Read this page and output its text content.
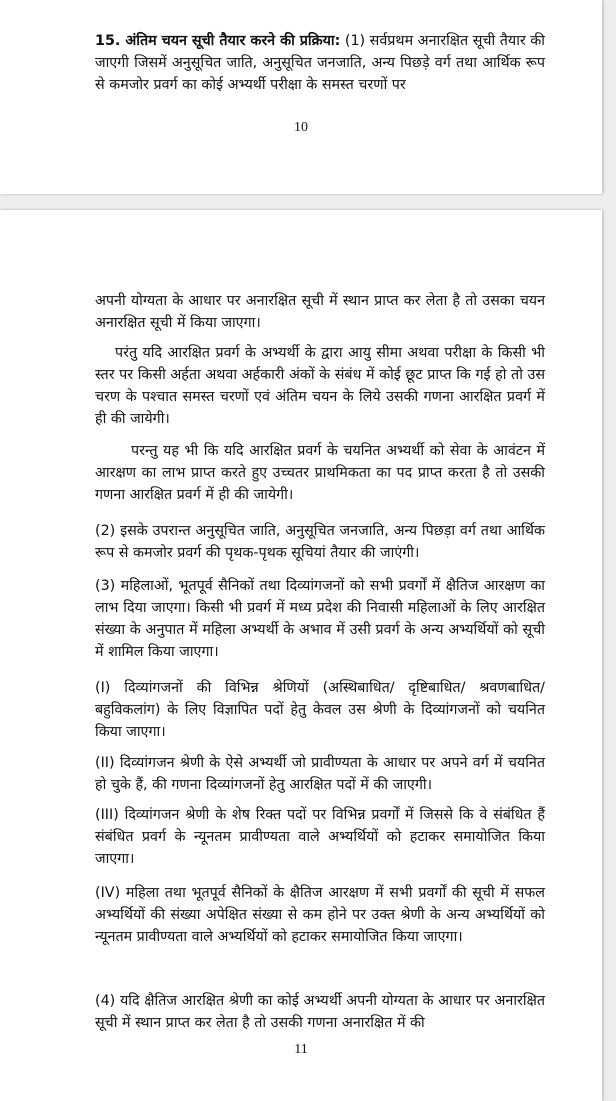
15. अंतिम चयन सूची तैयार करने की प्रक्रिया: (1) सर्वप्रथम अनारक्षित सूची तैयार की जाएगी जिसमें अनुसूचित जाति, अनुसूचित जनजाति, अन्य पिछड़े वर्ग तथा आर्थिक रूप से कमजोर प्रवर्ग का कोई अभ्यर्थी परीक्षा के समस्त चरणों पर
10
अपनी योग्यता के आधार पर अनारक्षित सूची में स्थान प्राप्त कर लेता है तो उसका चयन अनारक्षित सूची में किया जाएगा।
परंतु यदि आरक्षित प्रवर्ग के अभ्यर्थी के द्वारा आयु सीमा अथवा परीक्षा के किसी भी स्तर पर किसी अर्हता अथवा अर्हकारी अंकों के संबंध में कोई छूट प्राप्त कि गई हो तो उस चरण के पश्चात समस्त चरणों एवं अंतिम चयन के लिये उसकी गणना आरक्षित प्रवर्ग में ही की जायेगी।
परन्तु यह भी कि यदि आरक्षित प्रवर्ग के चयनित अभ्यर्थी को सेवा के आवंटन में आरक्षण का लाभ प्राप्त करते हुए उच्चतर प्राथमिकता का पद प्राप्त करता है तो उसकी गणना आरक्षित प्रवर्ग में ही की जायेगी।
(2) इसके उपरान्त अनुसूचित जाति, अनुसूचित जनजाति, अन्य पिछड़ा वर्ग तथा आर्थिक रूप से कमजोर प्रवर्ग की पृथक-पृथक सूचियां तैयार की जाएंगी।
(3) महिलाओं, भूतपूर्व सैनिकों तथा दिव्यांगजनों को सभी प्रवर्गों में क्षैतिज आरक्षण का लाभ दिया जाएगा। किसी भी प्रवर्ग में मध्य प्रदेश की निवासी महिलाओं के लिए आरक्षित संख्या के अनुपात में महिला अभ्यर्थी के अभाव में उसी प्रवर्ग के अन्य अभ्यर्थियों को सूची में शामिल किया जाएगा।
(I) दिव्यांगजनों की विभिन्न श्रेणियों (अस्थिबाधित/ दृष्टिबाधित/ श्रवणबाधित/ बहुविकलांग) के लिए विज्ञापित पदों हेतु केवल उस श्रेणी के दिव्यांगजनों को चयनित किया जाएगा।
(II) दिव्यांगजन श्रेणी के ऐसे अभ्यर्थी जो प्रावीण्यता के आधार पर अपने वर्ग में चयनित हो चुके हैं, की गणना दिव्यांगजनों हेतु आरक्षित पदों में की जाएगी।
(III) दिव्यांगजन श्रेणी के शेष रिक्त पदों पर विभिन्न प्रवर्गों में जिससे कि वे संबंधित हैं संबंधित प्रवर्ग के न्यूनतम प्रावीण्यता वाले अभ्यर्थियों को हटाकर समायोजित किया जाएगा।
(IV) महिला तथा भूतपूर्व सैनिकों के क्षैतिज आरक्षण में सभी प्रवर्गों की सूची में सफल अभ्यर्थियों की संख्या अपेक्षित संख्या से कम होने पर उक्त श्रेणी के अन्य अभ्यर्थियों को न्यूनतम प्रावीण्यता वाले अभ्यर्थियों को हटाकर समायोजित किया जाएगा।
(4) यदि क्षैतिज आरक्षित श्रेणी का कोई अभ्यर्थी अपनी योग्यता के आधार पर अनारक्षित सूची में स्थान प्राप्त कर लेता है तो उसकी गणना अनारक्षित में की
11
